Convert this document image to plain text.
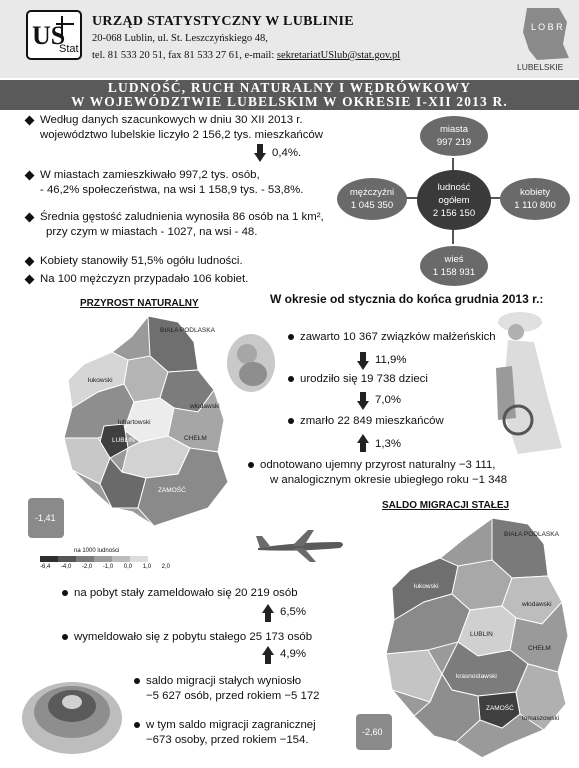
US
Stat
URZĄD STATYSTYCZNY W LUBLINIE
20-068 Lublin, ul. St. Leszczyńskiego 48,
tel. 81 533 20 51, fax 81 533 27 61, e-mail: sekretariatUSlub@stat.gov.pl
L O B R
LUBELSKIE
LUDNOŚĆ, RUCH NATURALNY I WĘDRÓWKOWY
W WOJEWÓDZTWIE LUBELSKIM W OKRESIE I-XII 2013 R.
Według danych szacunkowych w dniu 30 XII 2013 r.
województwo lubelskie liczyło 2 156,2 tys. mieszkańców
0,4%.
W miastach zamieszkiwało 997,2 tys. osób,
- 46,2% społeczeństwa, na wsi 1 158,9 tys. - 53,8%.
Średnia gęstość zaludnienia wynosiła 86 osób na 1 km²,
przy czym w miastach - 1027, na wsi - 48.
Kobiety stanowiły 51,5% ogółu ludności.
Na 100 mężczyzn przypadało 106 kobiet.
miasta
997 219
ludność ogółem
2 156 150
mężczyźni
1 045 350
kobiety
1 110 800
wieś
1 158 931
PRZYROST NATURALNY	W okresie od stycznia do końca grudnia 2013 r.:
-1,41
BIAŁA PODLASKA
łukowski
włodawski
lubartowski
LUBLIN	CHEŁM
ZAMOŚĆ
na 1000 ludności
-6,4 -4,0 -2,0 -1,0 0,0 1,0 2,0
zawarto 10 367 związków małżeńskich
11,9%
urodziło się 19 738 dzieci
7,0%
zmarło 22 849 mieszkańców
1,3%
odnotowano ujemny przyrost naturalny −3 111,
w analogicznym okresie ubiegłego roku −1 348
SALDO MIGRACJI STAŁEJ
na pobyt stały zameldowało się 20 219 osób
6,5%
wymeldowało się z pobytu stałego 25 173 osób
4,9%
saldo migracji stałych wyniosło
−5 627 osób, przed rokiem −5 172
w tym saldo migracji zagranicznej
−673 osoby, przed rokiem −154.
-2,60
BIAŁA PODLASKA
łukowski
włodawski
LUBLIN
CHEŁM
krasnostawski
ZAMOŚĆ
tomaszowski
